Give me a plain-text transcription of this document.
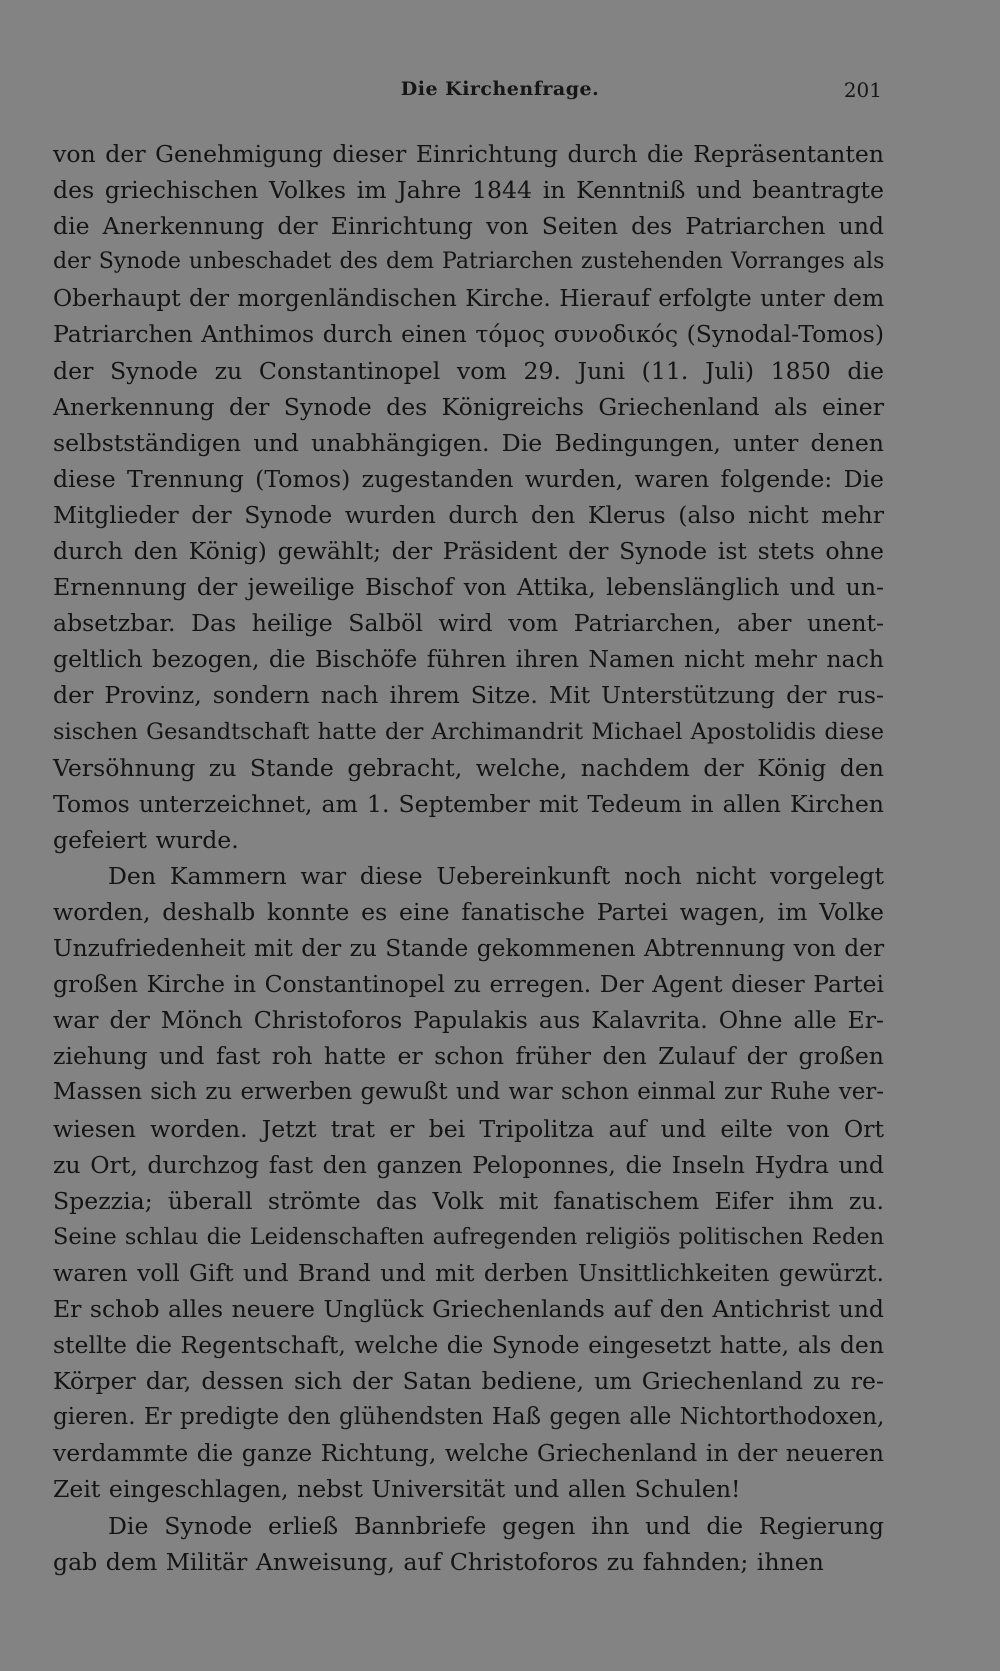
Die Kirchenfrage.	201
von der Genehmigung dieser Einrichtung durch die Repräsentanten
des griechischen Volkes im Jahre 1844 in Kenntniß und beantragte
die Anerkennung der Einrichtung von Seiten des Patriarchen und
der Synode unbeschadet des dem Patriarchen zustehenden Vorranges als
Oberhaupt der morgenländischen Kirche. Hierauf erfolgte unter dem
Patriarchen Anthimos durch einen τόμος συνοδικός (Synodal-Tomos)
der Synode zu Constantinopel vom 29. Juni (11. Juli) 1850 die
Anerkennung der Synode des Königreichs Griechenland als einer
selbstständigen und unabhängigen. Die Bedingungen, unter denen
diese Trennung (Tomos) zugestanden wurden, waren folgende: Die
Mitglieder der Synode wurden durch den Klerus (also nicht mehr
durch den König) gewählt; der Präsident der Synode ist stets ohne
Ernennung der jeweilige Bischof von Attika, lebenslänglich und un-
absetzbar. Das heilige Salböl wird vom Patriarchen, aber unent-
geltlich bezogen, die Bischöfe führen ihren Namen nicht mehr nach
der Provinz, sondern nach ihrem Sitze. Mit Unterstützung der rus-
sischen Gesandtschaft hatte der Archimandrit Michael Apostolidis diese
Versöhnung zu Stande gebracht, welche, nachdem der König den
Tomos unterzeichnet, am 1. September mit Tedeum in allen Kirchen
gefeiert wurde.
Den Kammern war diese Uebereinkunft noch nicht vorgelegt
worden, deshalb konnte es eine fanatische Partei wagen, im Volke
Unzufriedenheit mit der zu Stande gekommenen Abtrennung von der
großen Kirche in Constantinopel zu erregen. Der Agent dieser Partei
war der Mönch Christoforos Papulakis aus Kalavrita. Ohne alle Er-
ziehung und fast roh hatte er schon früher den Zulauf der großen
Massen sich zu erwerben gewußt und war schon einmal zur Ruhe ver-
wiesen worden. Jetzt trat er bei Tripolitza auf und eilte von Ort
zu Ort, durchzog fast den ganzen Peloponnes, die Inseln Hydra und
Spezzia; überall strömte das Volk mit fanatischem Eifer ihm zu.
Seine schlau die Leidenschaften aufregenden religiös politischen Reden
waren voll Gift und Brand und mit derben Unsittlichkeiten gewürzt.
Er schob alles neuere Unglück Griechenlands auf den Antichrist und
stellte die Regentschaft, welche die Synode eingesetzt hatte, als den
Körper dar, dessen sich der Satan bediene, um Griechenland zu re-
gieren. Er predigte den glühendsten Haß gegen alle Nichtorthodoxen,
verdammte die ganze Richtung, welche Griechenland in der neueren
Zeit eingeschlagen, nebst Universität und allen Schulen!
Die Synode erließ Bannbriefe gegen ihn und die Regierung
gab dem Militär Anweisung, auf Christoforos zu fahnden; ihnen
